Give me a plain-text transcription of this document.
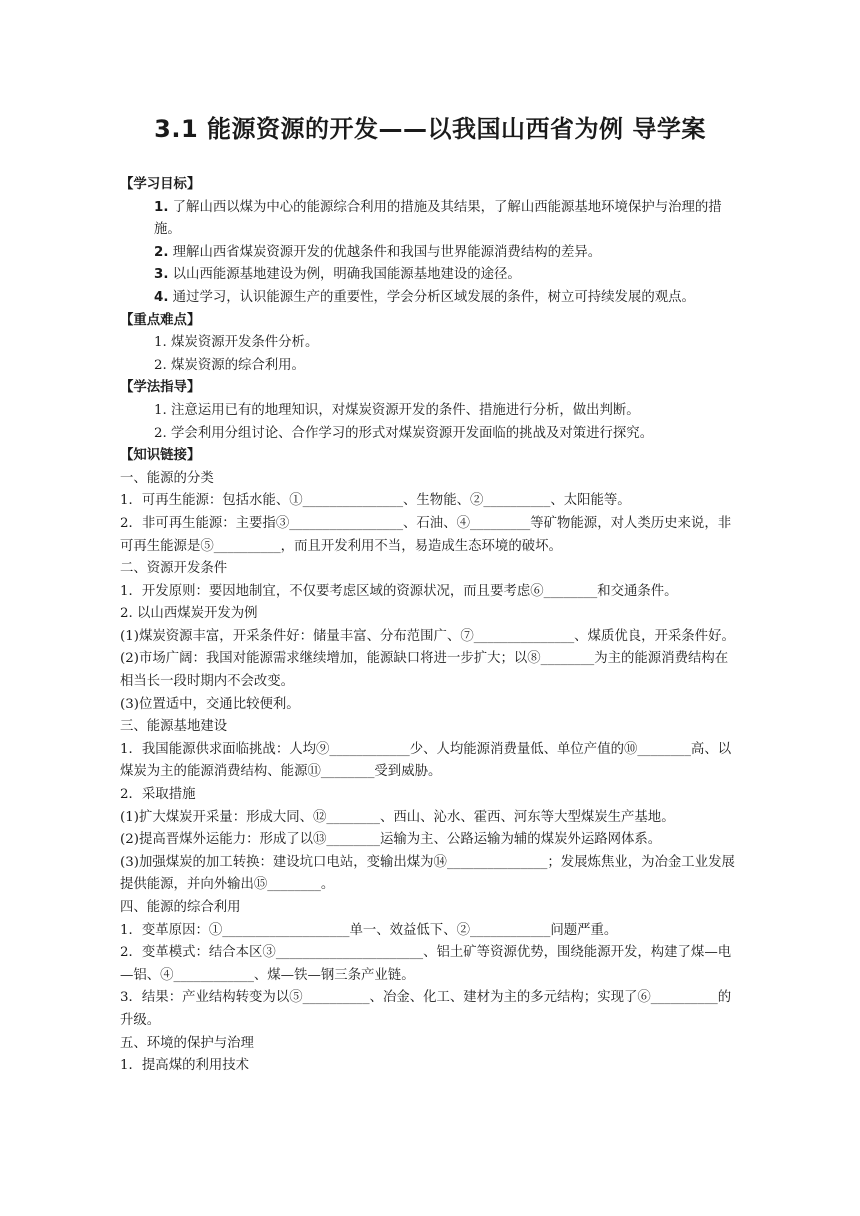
3.1 能源资源的开发——以我国山西省为例 导学案

【学习目标】

1. 了解山西以煤为中心的能源综合利用的措施及其结果，了解山西能源基地环境保护与治理的措施。

2. 理解山西省煤炭资源开发的优越条件和我国与世界能源消费结构的差异。

3. 以山西能源基地建设为例，明确我国能源基地建设的途径。

4. 通过学习，认识能源生产的重要性，学会分析区域发展的条件，树立可持续发展的观点。

【重点难点】

1. 煤炭资源开发条件分析。

2. 煤炭资源的综合利用。

【学法指导】

1. 注意运用已有的地理知识，对煤炭资源开发的条件、措施进行分析，做出判断。

2. 学会利用分组讨论、合作学习的形式对煤炭资源开发面临的挑战及对策进行探究。

【知识链接】

一、能源的分类

1．可再生能源：包括水能、①_______________、生物能、②__________、太阳能等。

2．非可再生能源：主要指③_________________、石油、④_________等矿物能源，对人类历史来说，非可再生能源是⑤__________，而且开发利用不当，易造成生态环境的破坏。

二、资源开发条件

1．开发原则：要因地制宜，不仅要考虑区域的资源状况，而且要考虑⑥________和交通条件。

2. 以山西煤炭开发为例

(1)煤炭资源丰富，开采条件好：储量丰富、分布范围广、⑦_______________、煤质优良，开采条件好。

(2)市场广阔：我国对能源需求继续增加，能源缺口将进一步扩大；以⑧________为主的能源消费结构在相当长一段时期内不会改变。

(3)位置适中，交通比较便利。

三、能源基地建设

1．我国能源供求面临挑战：人均⑨____________少、人均能源消费量低、单位产值的⑩________高、以煤炭为主的能源消费结构、能源⑪________受到威胁。

2．采取措施

(1)扩大煤炭开采量：形成大同、⑫________、西山、沁水、霍西、河东等大型煤炭生产基地。

(2)提高晋煤外运能力：形成了以⑬________运输为主、公路运输为辅的煤炭外运路网体系。

(3)加强煤炭的加工转换：建设坑口电站，变输出煤为⑭_______________；发展炼焦业，为冶金工业发展提供能源，并向外输出⑮________。

四、能源的综合利用

1．变革原因：①___________________单一、效益低下、②____________问题严重。

2．变革模式：结合本区③______________________、铝土矿等资源优势，围绕能源开发，构建了煤—电—铝、④____________、煤—铁—钢三条产业链。

3．结果：产业结构转变为以⑤__________、冶金、化工、建材为主的多元结构；实现了⑥__________的升级。

五、环境的保护与治理

1．提高煤的利用技术
